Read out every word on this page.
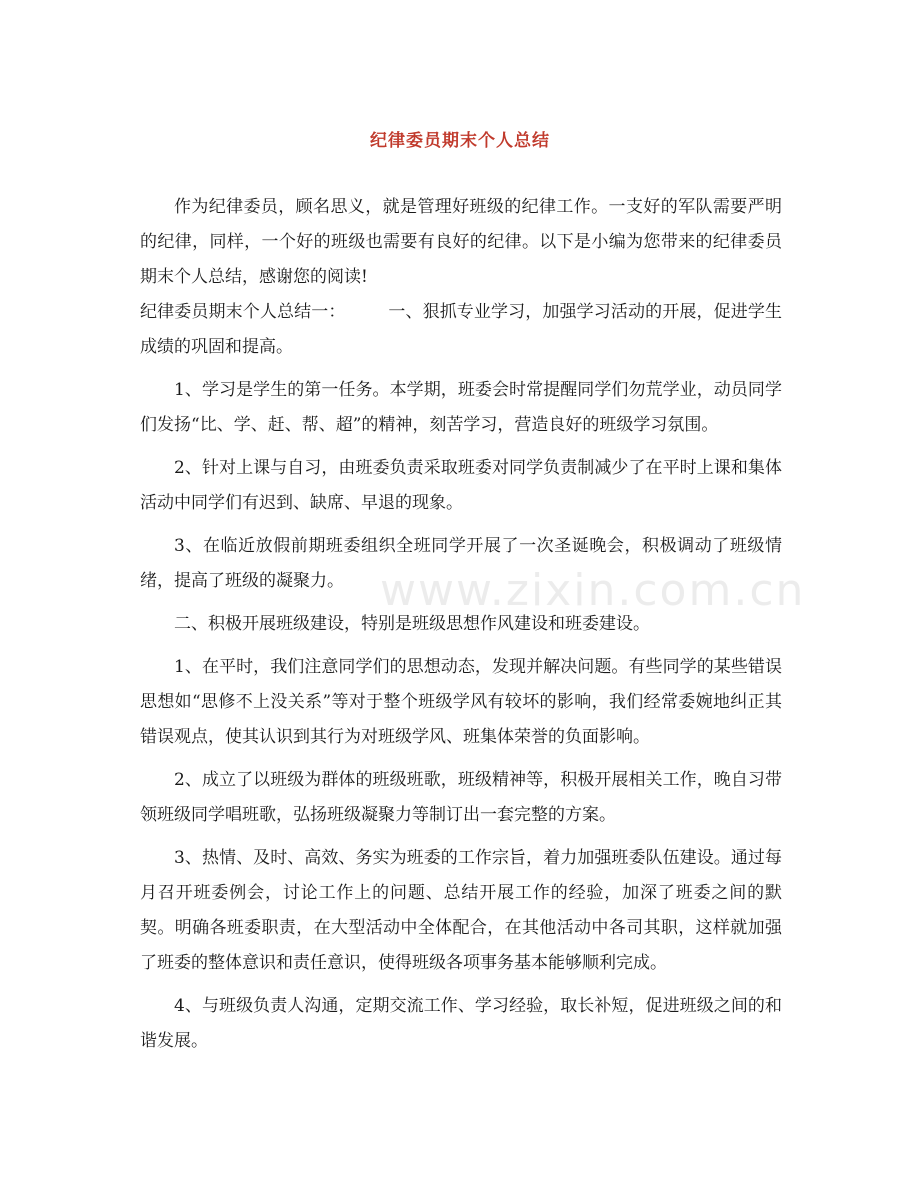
纪律委员期末个人总结

作为纪律委员，顾名思义，就是管理好班级的纪律工作。一支好的军队需要严明的纪律，同样，一个好的班级也需要有良好的纪律。以下是小编为您带来的纪律委员期末个人总结，感谢您的阅读!

纪律委员期末个人总结一：　　　一、狠抓专业学习，加强学习活动的开展，促进学生成绩的巩固和提高。

1、学习是学生的第一任务。本学期，班委会时常提醒同学们勿荒学业，动员同学们发扬“比、学、赶、帮、超”的精神，刻苦学习，营造良好的班级学习氛围。

2、针对上课与自习，由班委负责采取班委对同学负责制减少了在平时上课和集体活动中同学们有迟到、缺席、早退的现象。

3、在临近放假前期班委组织全班同学开展了一次圣诞晚会，积极调动了班级情绪，提高了班级的凝聚力。

二、积极开展班级建设，特别是班级思想作风建设和班委建设。

1、在平时，我们注意同学们的思想动态，发现并解决问题。有些同学的某些错误思想如“思修不上没关系”等对于整个班级学风有较坏的影响，我们经常委婉地纠正其错误观点，使其认识到其行为对班级学风、班集体荣誉的负面影响。

2、成立了以班级为群体的班级班歌，班级精神等，积极开展相关工作，晚自习带领班级同学唱班歌，弘扬班级凝聚力等制订出一套完整的方案。

3、热情、及时、高效、务实为班委的工作宗旨，着力加强班委队伍建设。通过每月召开班委例会，讨论工作上的问题、总结开展工作的经验，加深了班委之间的默契。明确各班委职责，在大型活动中全体配合，在其他活动中各司其职，这样就加强了班委的整体意识和责任意识，使得班级各项事务基本能够顺利完成。

4、与班级负责人沟通，定期交流工作、学习经验，取长补短，促进班级之间的和谐发展。

www.zixin.com.cn
